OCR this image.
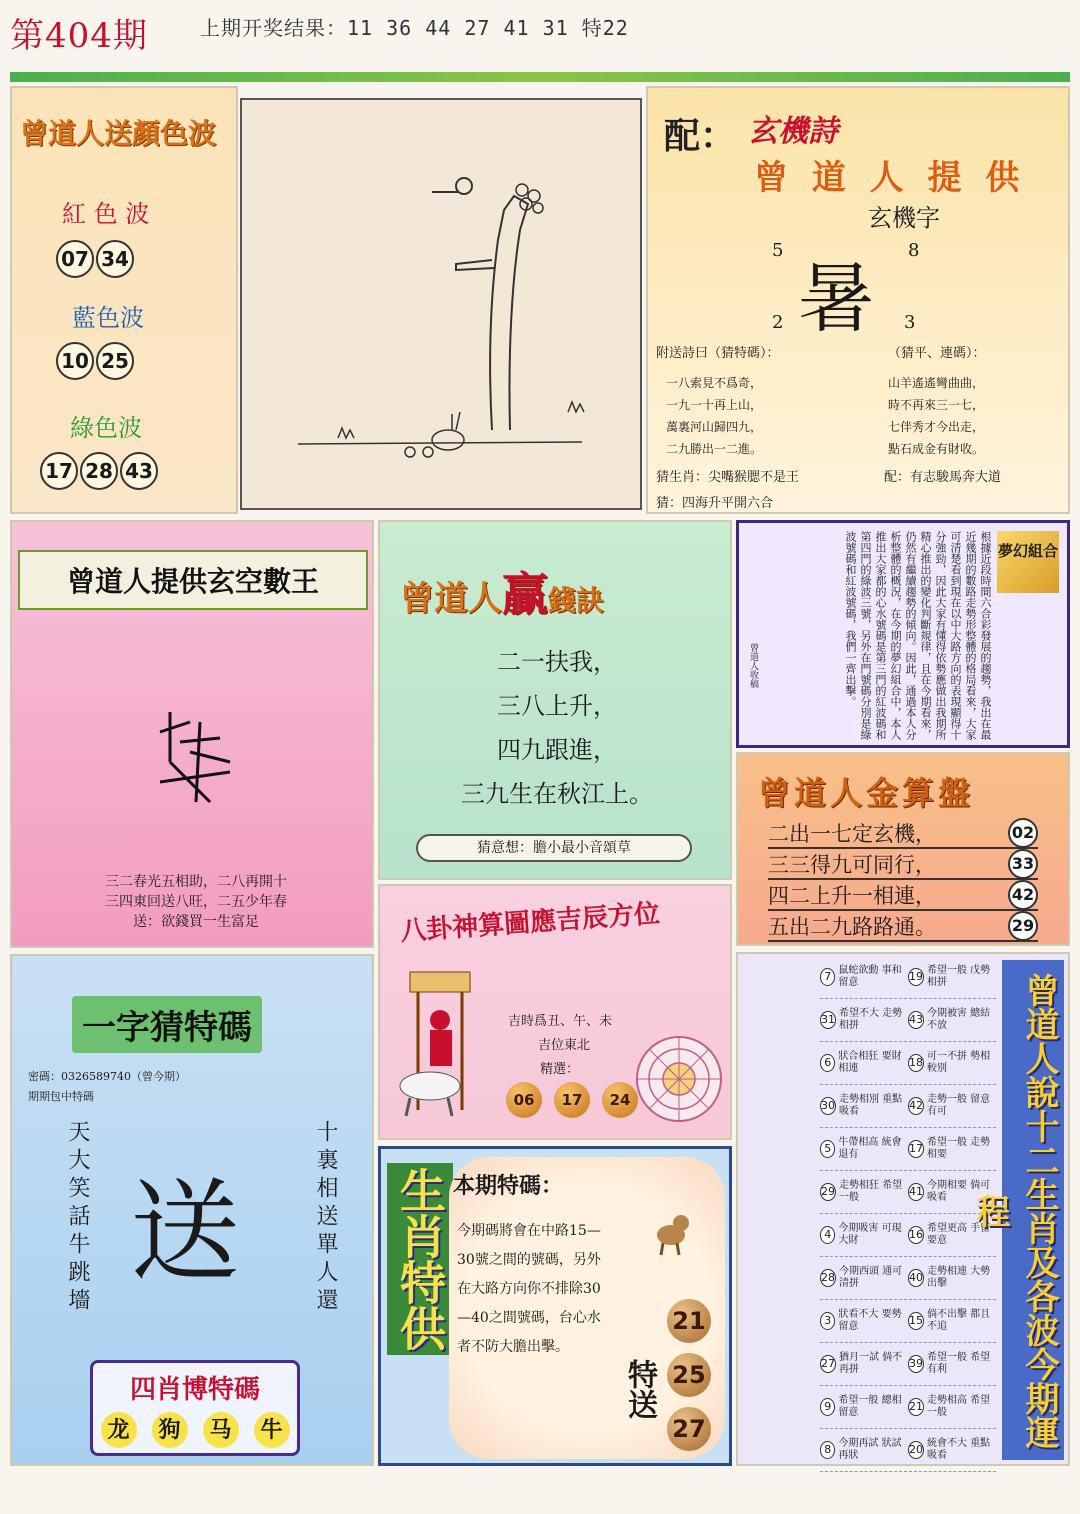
第404期	上期开奖结果：11 36 44 27 41 31 特22
曾道人送顏色波
紅 色 波
07 34
藍色波
10 25
綠色波
17 28 43
配： 玄機詩
曾 道 人 提 供
玄機字
5	8
暑
2	3
附送詩曰（猜特碼）：	（猜平、連碼）：
一八索見不爲奇，
一九一十再上山，
萬裏河山歸四九，
二九勝出一二進。
山羊遙遙彎曲曲，
時不再來三一七，
七伴秀才今出走，
點石成金有財收。
猜生肖：尖嘴猴腮不是王	配：有志駿馬奔大道
猜：四海升平開六合
曾道人提供玄空數王
三二春光五相助，二八再開十
三四東回送八旺，二五少年春
送：欲錢買一生富足
曾道人贏錢訣
二一扶我，
三八上升，
四九跟進，
三九生在秋江上。
猜意想：膽小最小音頌草
夢幻組合
根據近段時間六合彩發展的趨勢，我出在最近幾期的數路走勢形整體的格局看來，大家可清楚看到現在以中大路方向的表現顯得十分強勁，因此大家有懂得依勢應做出我期所精心推出的變化判斷規律，且在今期看來，仍然有繼續趨勢的傾向。因此，通過本人分析整體的概況，在今期的夢幻組合中，本人推出大家都的心水號碼是第三門的紅波碼和第四門的綠波三號，另外在門號碼分別是綠波號碼和紅波號碼，我們一齊出擊。
曾道人收稿
曾道人金算盤
二出一七定玄機，	02
三三得九可同行，	33
四二上升一相連，	42
五出二九路路通。	29
八卦神算圖應吉辰方位
吉時爲丑、午、未
吉位東北
精選：
06 17 24
一字猜特碼
密碼：0326589740（曾今期）
期期包中特碼
天大笑話牛跳墻 送	十裏相送單人還
四肖博特碼
龙	狗	马	牛
生肖特供 本期特碼：
今期碼將會在中路15—30號之間的號碼，另外在大路方向你不排除30—40之間號碼，台心水者不防大膽出擊。
特送
21
25
27
7 鼠蛇欲動 事和留意	19 希望一般 戊勢相拼
31 希望不大 走勢相拼	43 今期被害 總結不放
6 狀合相狂 要財相連	18 可一不拼 勢相較別
30 走勢相別 重點吸看	42 走勢一般 留意有可
5 牛帶相高 統會退有	17 希望一般 走勢相要
29 走勢相狂 希望一般	41 今期相要 倘可吸看
4 今期吸害 可現大財	16 希望更高 手留要意
28 今期西頭 通可清拼	40 走勢相連 大勢出擊
3 狀看不大 要勢留意	15 倘不出擊 都且不追
27 猶月一試 倘不再拼	39 希望一般 希望有利
9 希望一般 總相留意	21 走勢相高 希望一般
8 今期再試 狀試再狀	20 統會不大 重點吸看
曾道人說十二生肖及各波今期運程
